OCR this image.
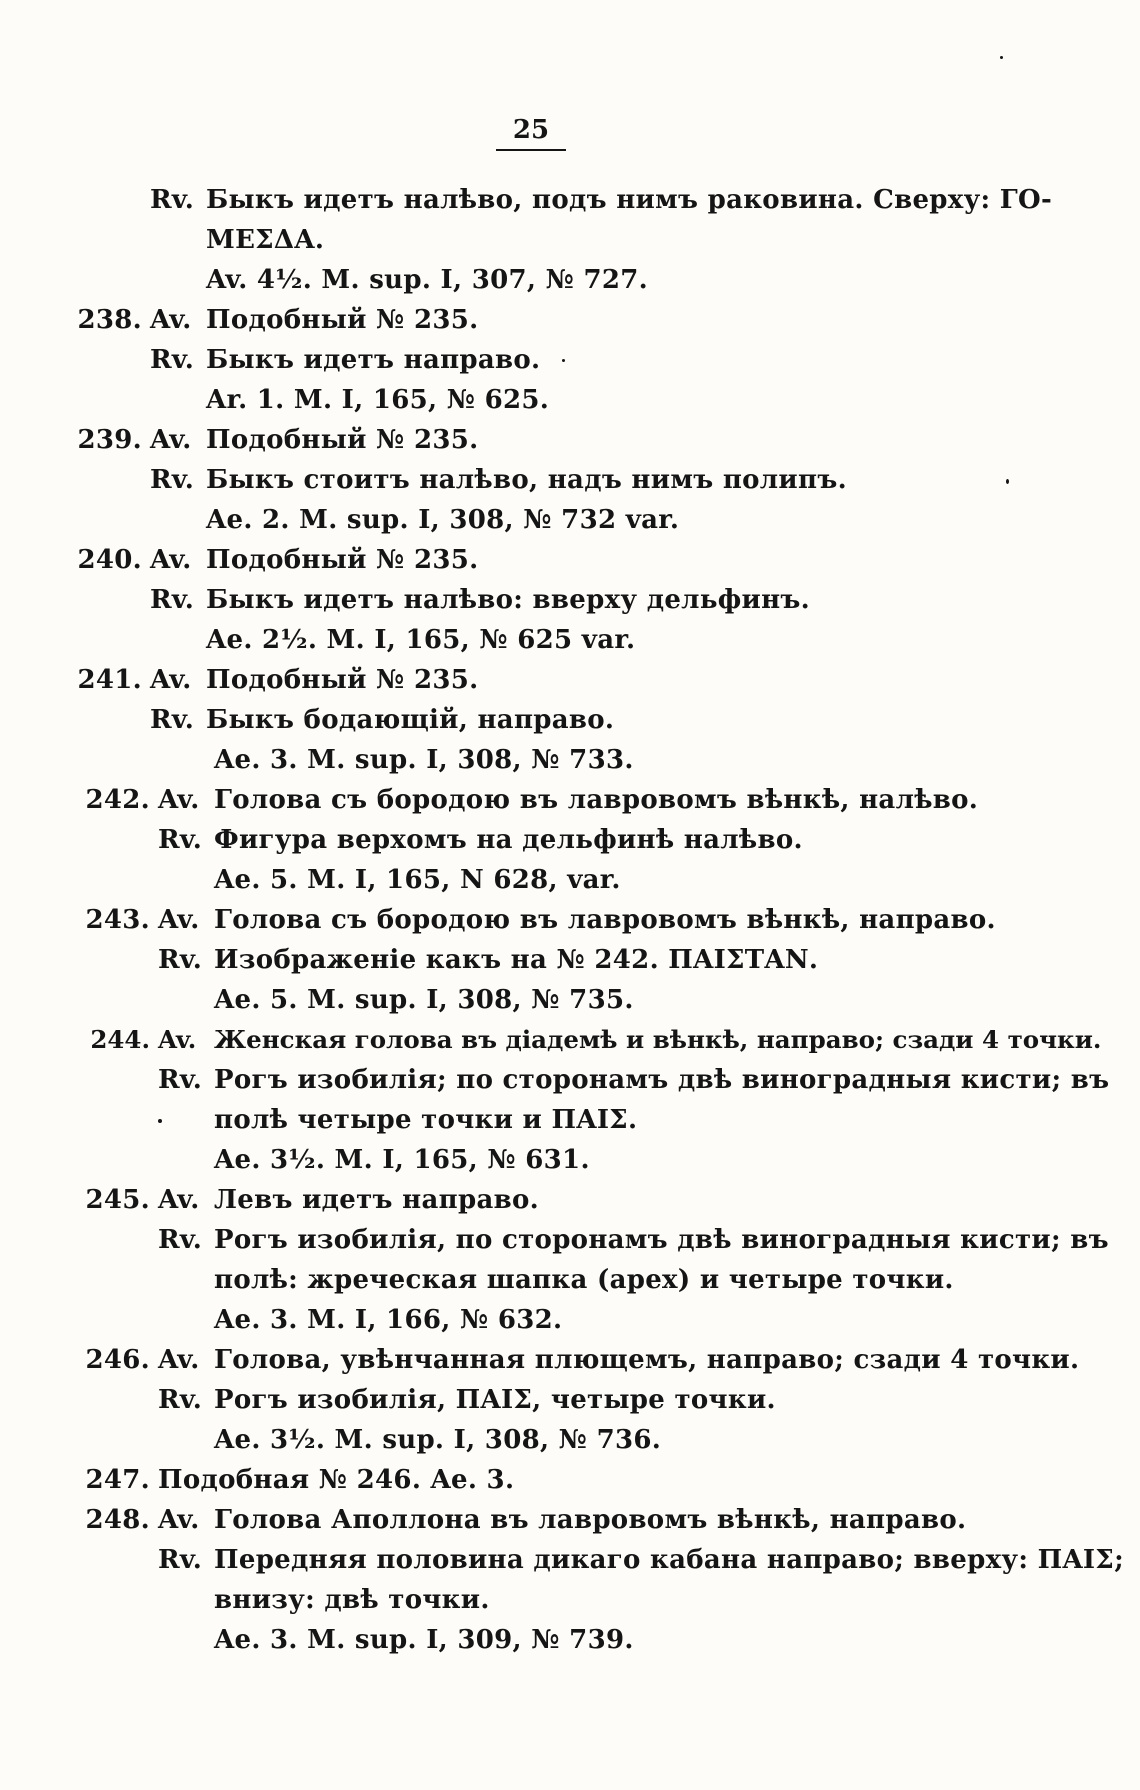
25
Rv. Быкъ идетъ налѣво, подъ нимъ раковина. Сверху: ГО-
ΜΕΣΔΑ.
Av. 4½. M. sup. I, 307, № 727.
238. Av. Подобный № 235.
Rv. Быкъ идетъ направо.
Ar. 1. M. I, 165, № 625.
239. Av. Подобный № 235.
Rv. Быкъ стоитъ налѣво, надъ нимъ полипъ.
Ae. 2. M. sup. I, 308, № 732 var.
240. Av. Подобный № 235.
Rv. Быкъ идетъ налѣво: вверху дельфинъ.
Ae. 2½. M. I, 165, № 625 var.
241. Av. Подобный № 235.
Rv. Быкъ бодающій, направо.
Ae. 3. M. sup. I, 308, № 733.
242. Av. Голова съ бородою въ лавровомъ вѣнкѣ, налѣво.
Rv. Фигура верхомъ на дельфинѣ налѣво.
Ae. 5. M. I, 165, N 628, var.
243. Av. Голова съ бородою въ лавровомъ вѣнкѣ, направо.
Rv. Изображеніе какъ на № 242. ΠΑΙΣΤΑΝ.
Ae. 5. M. sup. I, 308, № 735.
244. Av. Женская голова въ діадемѣ и вѣнкѣ, направо; сзади 4 точки.
Rv. Рогъ изобилія; по сторонамъ двѣ виноградныя кисти; въ
полѣ четыре точки и ΠΑΙΣ.
Ae. 3½. M. I, 165, № 631.
245. Av. Левъ идетъ направо.
Rv. Рогъ изобилія, по сторонамъ двѣ виноградныя кисти; въ
полѣ: жреческая шапка (apex) и четыре точки.
Ae. 3. M. I, 166, № 632.
246. Av. Голова, увѣнчанная плющемъ, направо; сзади 4 точки.
Rv. Рогъ изобилія, ΠΑΙΣ, четыре точки.
Ae. 3½. M. sup. I, 308, № 736.
247. Подобная № 246. Ae. 3.
248. Av. Голова Аполлона въ лавровомъ вѣнкѣ, направо.
Rv. Передняя половина дикаго кабана направо; вверху: ΠΑΙΣ;
внизу: двѣ точки.
Ae. 3. M. sup. I, 309, № 739.
